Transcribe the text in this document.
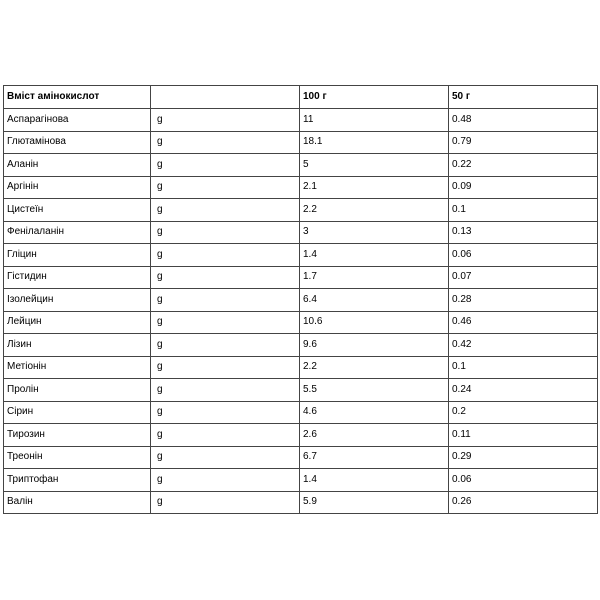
Вміст амінокислот		100 г	50 г
Аспарагінова	g	11	0.48
Глютамінова	g	18.1	0.79
Аланін	g	5	0.22
Аргінін	g	2.1	0.09
Цистеїн	g	2.2	0.1
Фенілаланін	g	3	0.13
Гліцин	g	1.4	0.06
Гістидин	g	1.7	0.07
Ізолейцин	g	6.4	0.28
Лейцин	g	10.6	0.46
Лізин	g	9.6	0.42
Метіонін	g	2.2	0.1
Пролін	g	5.5	0.24
Сірин	g	4.6	0.2
Тирозин	g	2.6	0.11
Треонін	g	6.7	0.29
Триптофан	g	1.4	0.06
Валін	g	5.9	0.26
